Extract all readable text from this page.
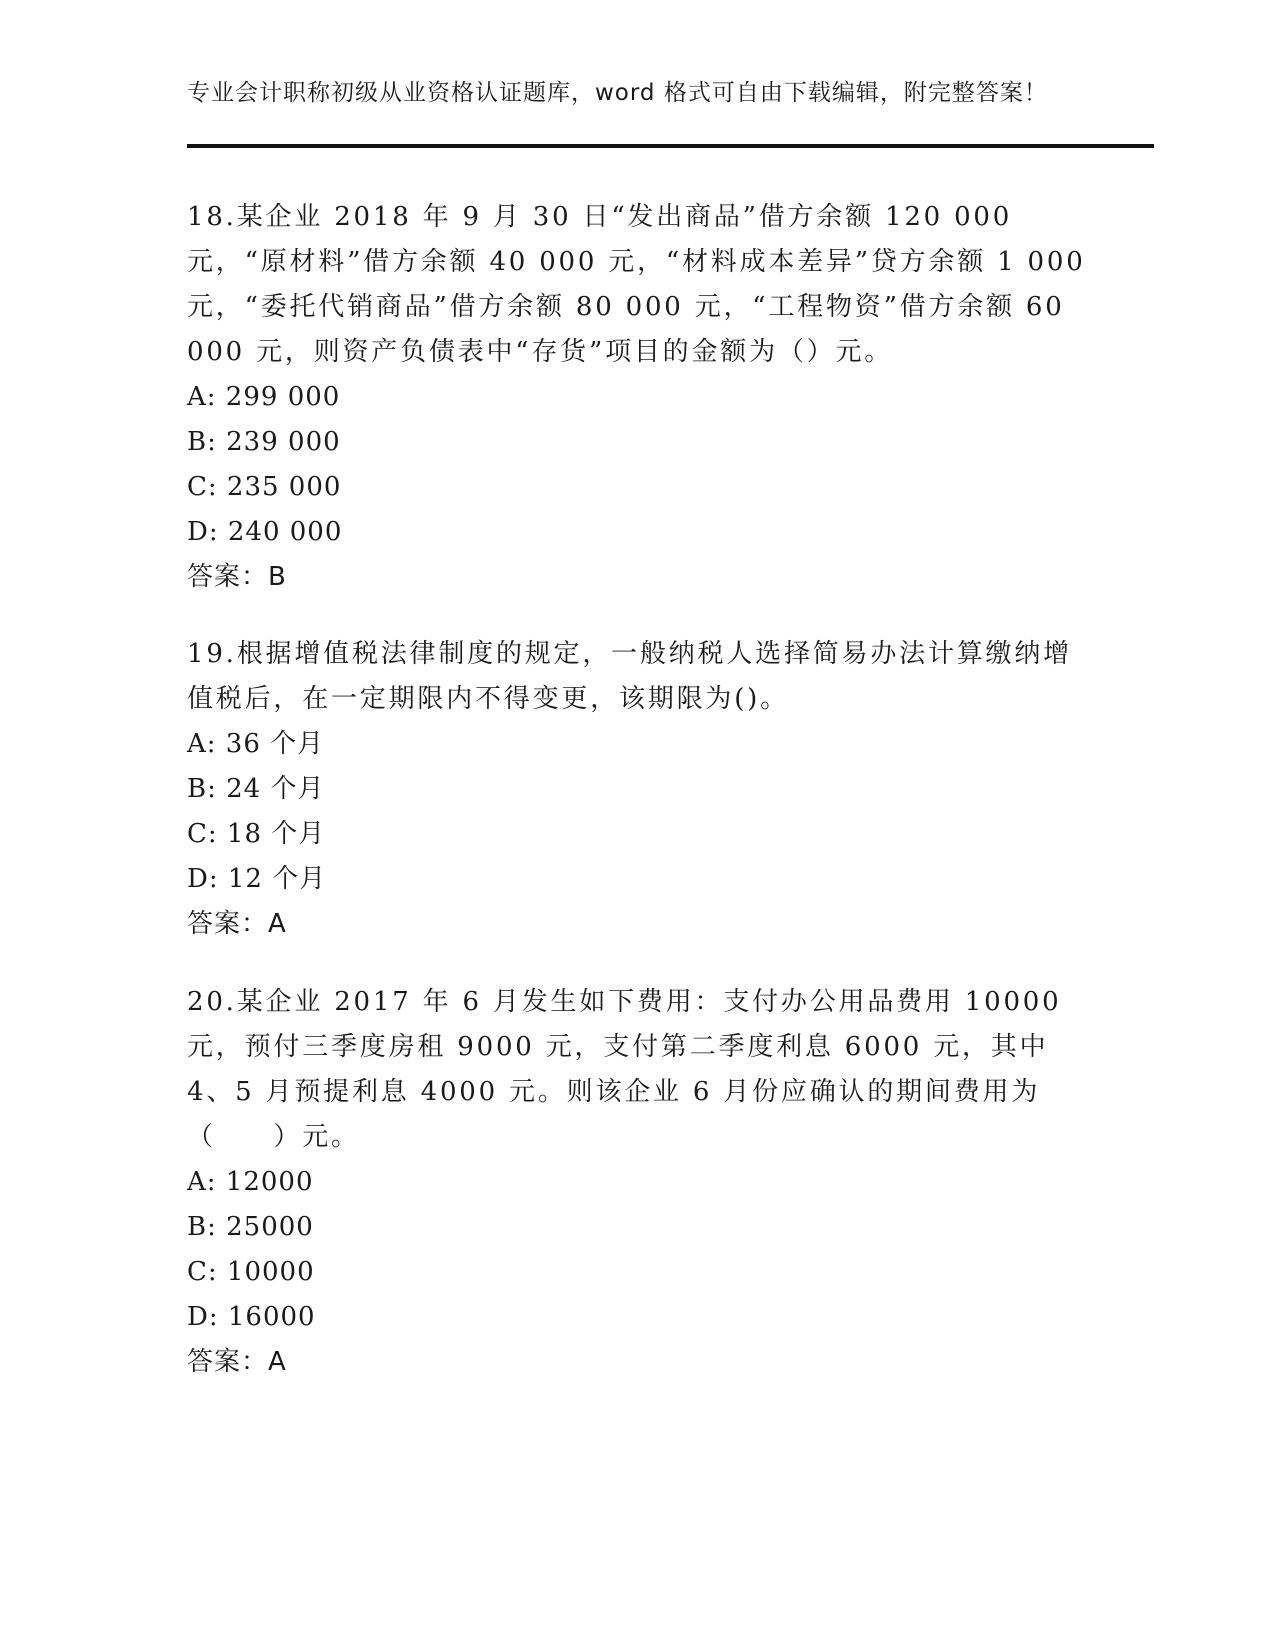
专业会计职称初级从业资格认证题库，word 格式可自由下载编辑，附完整答案！

18.某企业 2018 年 9 月 30 日“发出商品”借方余额 120 000 元，“原材料”借方余额 40 000 元，“材料成本差异”贷方余额 1 000 元，“委托代销商品”借方余额 80 000 元，“工程物资”借方余额 60 000 元，则资产负债表中“存货”项目的金额为（）元。

A: 299 000
B: 239 000
C: 235 000
D: 240 000
答案：B

19.根据增值税法律制度的规定，一般纳税人选择简易办法计算缴纳增值税后，在一定期限内不得变更，该期限为()。

A: 36 个月
B: 24 个月
C: 18 个月
D: 12 个月
答案：A

20.某企业 2017 年 6 月发生如下费用：支付办公用品费用 10000 元，预付三季度房租 9000 元，支付第二季度利息 6000 元，其中 4、5 月预提利息 4000 元。则该企业 6 月份应确认的期间费用为（　　）元。

A: 12000
B: 25000
C: 10000
D: 16000
答案：A
